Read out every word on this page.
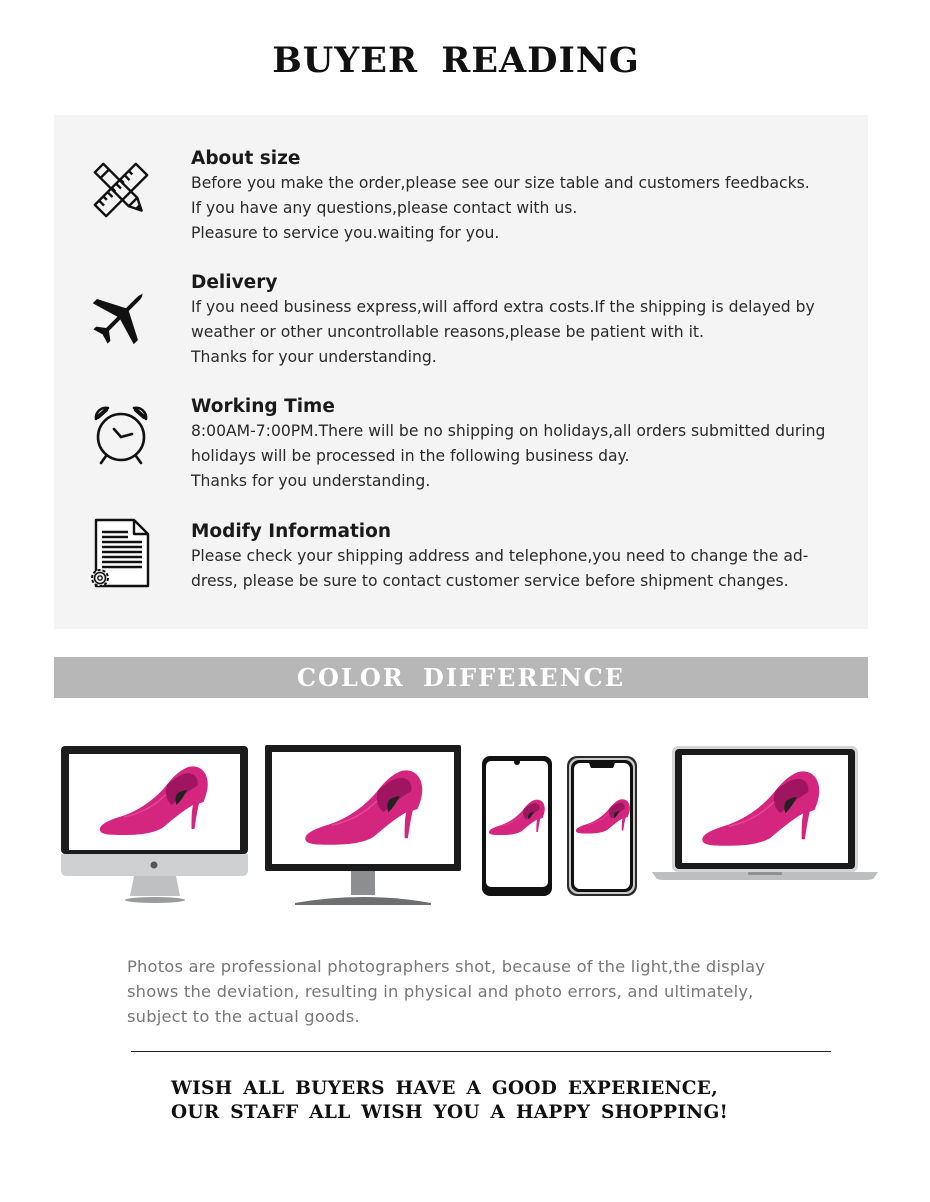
BUYER READING
About size
Before you make the order,please see our size table and customers feedbacks.
If you have any questions,please contact with us.
Pleasure to service you.waiting for you.
Delivery
If you need business express,will afford extra costs.If the shipping is delayed by
weather or other uncontrollable reasons,please be patient with it.
Thanks for your understanding.
Working Time
8:00AM-7:00PM.There will be no shipping on holidays,all orders submitted during
holidays will be processed in the following business day.
Thanks for you understanding.
Modify Information
Please check your shipping address and telephone,you need to change the ad-
dress, please be sure to contact customer service before shipment changes.
COLOR DIFFERENCE
Photos are professional photographers shot, because of the light,the display
shows the deviation, resulting in physical and photo errors, and ultimately,
subject to the actual goods.
WISH ALL BUYERS HAVE A GOOD EXPERIENCE,
OUR STAFF ALL WISH YOU A HAPPY SHOPPING!
